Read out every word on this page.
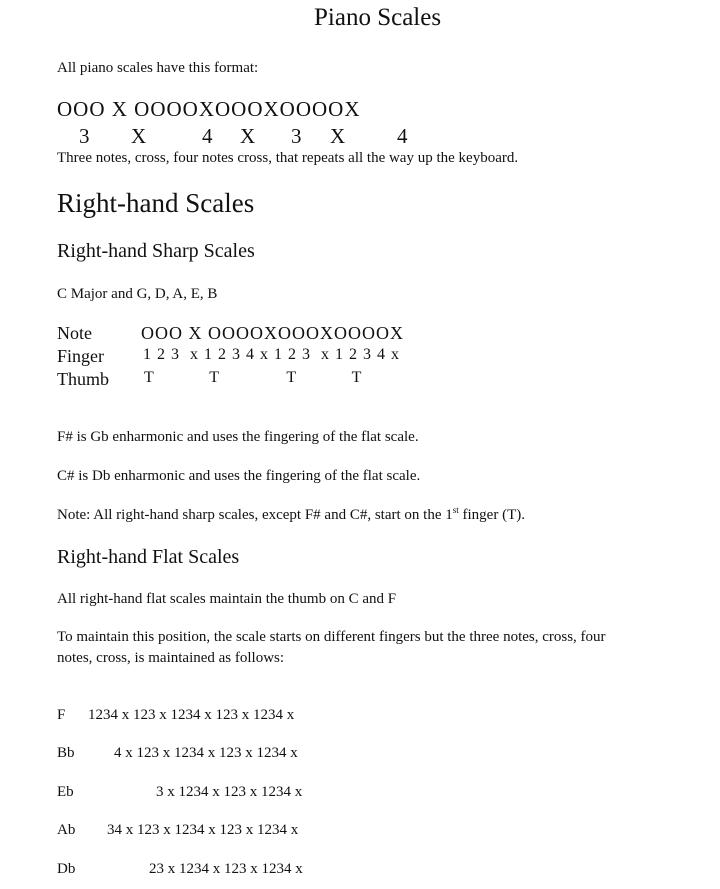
Piano Scales
All piano scales have this format:
OOO X OOOOXOOOXOOOOX
3 X	4 X 3 X 4
Three notes, cross, four notes cross, that repeats all the way up the keyboard.
Right-hand Scales
Right-hand Sharp Scales
C Major and G, D, A, E, B
Note	OOO X OOOOXOOOXOOOOX
Finger 1 2 3  x 1 2 3 4 x 1 2 3  x 1 2 3 4 x
Thumb T              T                 T              T
F# is Gb enharmonic and uses the fingering of the flat scale.
C# is Db enharmonic and uses the fingering of the flat scale.
Note: All right-hand sharp scales, except F# and C#, start on the 1st finger (T).
Right-hand Flat Scales
All right-hand flat scales maintain the thumb on C and F
To maintain this position, the scale starts on different fingers but the three notes, cross, four
notes, cross, is maintained as follows:
F 1234 x 123 x 1234 x 123 x 1234 x
Bb	4 x 123 x 1234 x 123 x 1234 x
Eb	3 x 1234 x 123 x 1234 x
Ab 34 x 123 x 1234 x 123 x 1234 x
Db	23 x 1234 x 123 x 1234 x
